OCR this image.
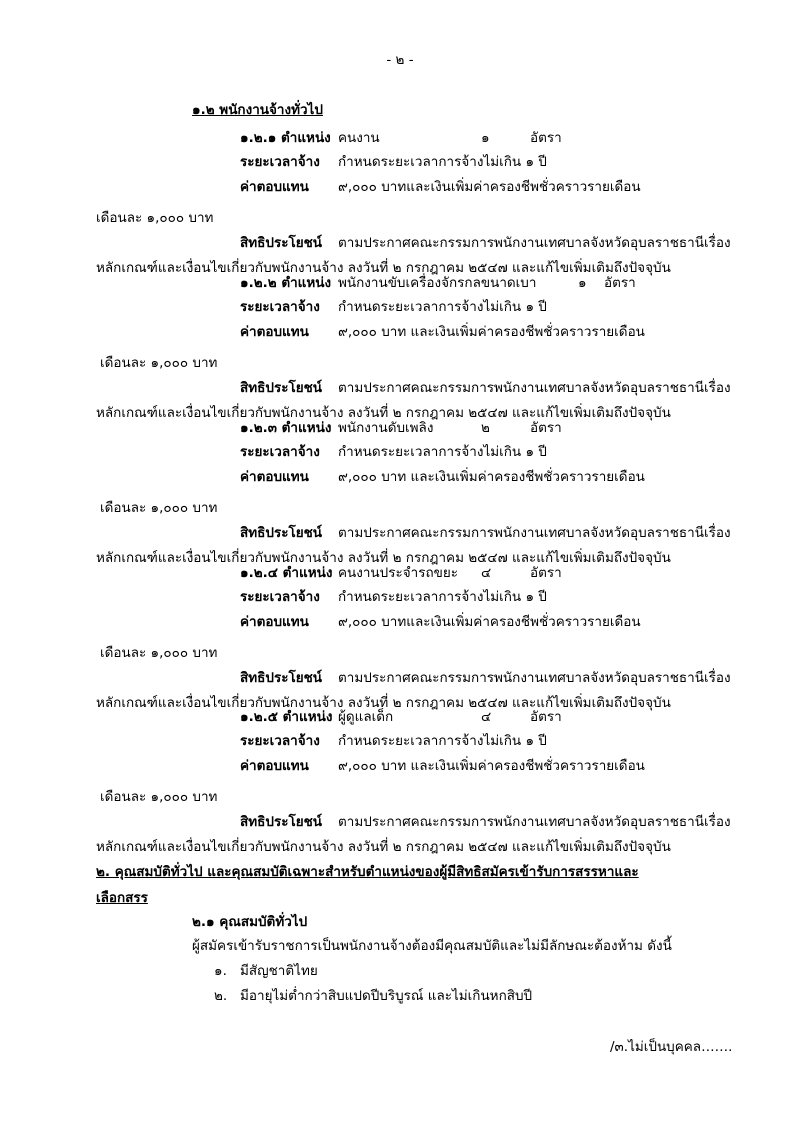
- ๒ -
๑.๒ พนักงานจ้างทั่วไป
๑.๒.๑ ตำแหน่ง คนงาน	๑	อัตรา
ระยะเวลาจ้าง กำหนดระยะเวลาการจ้างไม่เกิน ๑ ปี
ค่าตอบแทน ๙,๐๐๐ บาทและเงินเพิ่มค่าครองชีพชั่วคราวรายเดือน
เดือนละ ๑,๐๐๐ บาท
สิทธิประโยชน์ ตามประกาศคณะกรรมการพนักงานเทศบาลจังหวัดอุบลราชธานีเรื่อง
หลักเกณฑ์และเงื่อนไขเกี่ยวกับพนักงานจ้าง ลงวันที่ ๒ กรกฎาคม ๒๕๔๗ และแก้ไขเพิ่มเติมถึงปัจจุบัน
๑.๒.๒ ตำแหน่ง พนักงานขับเครื่องจักรกลขนาดเบา	๑ อัตรา
ระยะเวลาจ้าง กำหนดระยะเวลาการจ้างไม่เกิน ๑ ปี
ค่าตอบแทน ๙,๐๐๐ บาท และเงินเพิ่มค่าครองชีพชั่วคราวรายเดือน
เดือนละ ๑,๐๐๐ บาท
สิทธิประโยชน์ ตามประกาศคณะกรรมการพนักงานเทศบาลจังหวัดอุบลราชธานีเรื่อง
หลักเกณฑ์และเงื่อนไขเกี่ยวกับพนักงานจ้าง ลงวันที่ ๒ กรกฎาคม ๒๕๔๗ และแก้ไขเพิ่มเติมถึงปัจจุบัน
๑.๒.๓ ตำแหน่ง พนักงานดับเพลิง	๒	อัตรา
ระยะเวลาจ้าง กำหนดระยะเวลาการจ้างไม่เกิน ๑ ปี
ค่าตอบแทน ๙,๐๐๐ บาท และเงินเพิ่มค่าครองชีพชั่วคราวรายเดือน
เดือนละ ๑,๐๐๐ บาท
สิทธิประโยชน์ ตามประกาศคณะกรรมการพนักงานเทศบาลจังหวัดอุบลราชธานีเรื่อง
หลักเกณฑ์และเงื่อนไขเกี่ยวกับพนักงานจ้าง ลงวันที่ ๒ กรกฎาคม ๒๕๔๗ และแก้ไขเพิ่มเติมถึงปัจจุบัน
๑.๒.๔ ตำแหน่ง คนงานประจำรถขยะ ๔	อัตรา
ระยะเวลาจ้าง กำหนดระยะเวลาการจ้างไม่เกิน ๑ ปี
ค่าตอบแทน ๙,๐๐๐ บาทและเงินเพิ่มค่าครองชีพชั่วคราวรายเดือน
เดือนละ ๑,๐๐๐ บาท
สิทธิประโยชน์ ตามประกาศคณะกรรมการพนักงานเทศบาลจังหวัดอุบลราชธานีเรื่อง
หลักเกณฑ์และเงื่อนไขเกี่ยวกับพนักงานจ้าง ลงวันที่ ๒ กรกฎาคม ๒๕๔๗ และแก้ไขเพิ่มเติมถึงปัจจุบัน
๑.๒.๕ ตำแหน่ง ผู้ดูแลเด็ก	๔	อัตรา
ระยะเวลาจ้าง กำหนดระยะเวลาการจ้างไม่เกิน ๑ ปี
ค่าตอบแทน ๙,๐๐๐ บาท และเงินเพิ่มค่าครองชีพชั่วคราวรายเดือน
เดือนละ ๑,๐๐๐ บาท
สิทธิประโยชน์ ตามประกาศคณะกรรมการพนักงานเทศบาลจังหวัดอุบลราชธานีเรื่อง
หลักเกณฑ์และเงื่อนไขเกี่ยวกับพนักงานจ้าง ลงวันที่ ๒ กรกฎาคม ๒๕๔๗ และแก้ไขเพิ่มเติมถึงปัจจุบัน
๒. คุณสมบัติทั่วไป และคุณสมบัติเฉพาะสำหรับตำแหน่งของผู้มีสิทธิสมัครเข้ารับการสรรหาและ
เลือกสรร
๒.๑ คุณสมบัติทั่วไป
ผู้สมัครเข้ารับราชการเป็นพนักงานจ้างต้องมีคุณสมบัติและไม่มีลักษณะต้องห้าม ดังนี้
๑. มีสัญชาติไทย
๒. มีอายุไม่ต่ำกว่าสิบแปดปีบริบูรณ์ และไม่เกินหกสิบปี
/๓.ไม่เป็นบุคคล…….
